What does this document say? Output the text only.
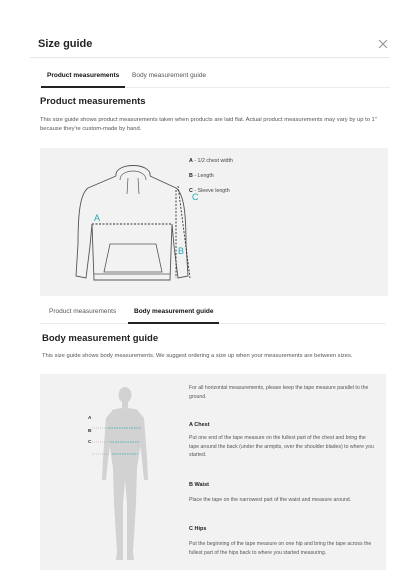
Size guide
Product measurements Body measurement guide
Product measurements
This size guide shows product measurements taken when products are laid flat. Actual product measurements may vary by up to 1" because they're custom-made by hand.
A
B
C
A - 1/2 chest width
B - Length
C - Sleeve length
Product measurements	Body measurement guide
Body measurement guide
This size guide shows body measurements. We suggest ordering a size up when your measurements are between sizes.
A
B
C
For all horizontal measurements, please keep the tape measure parallel to the ground.
A Chest
Put one end of the tape measure on the fullest part of the chest and bring the tape around the back (under the armpits, over the shoulder blades) to where you started.
B Waist
Place the tape on the narrowest part of the waist and measure around.
C Hips
Put the beginning of the tape measure on one hip and bring the tape across the fullest part of the hips back to where you started measuring.
